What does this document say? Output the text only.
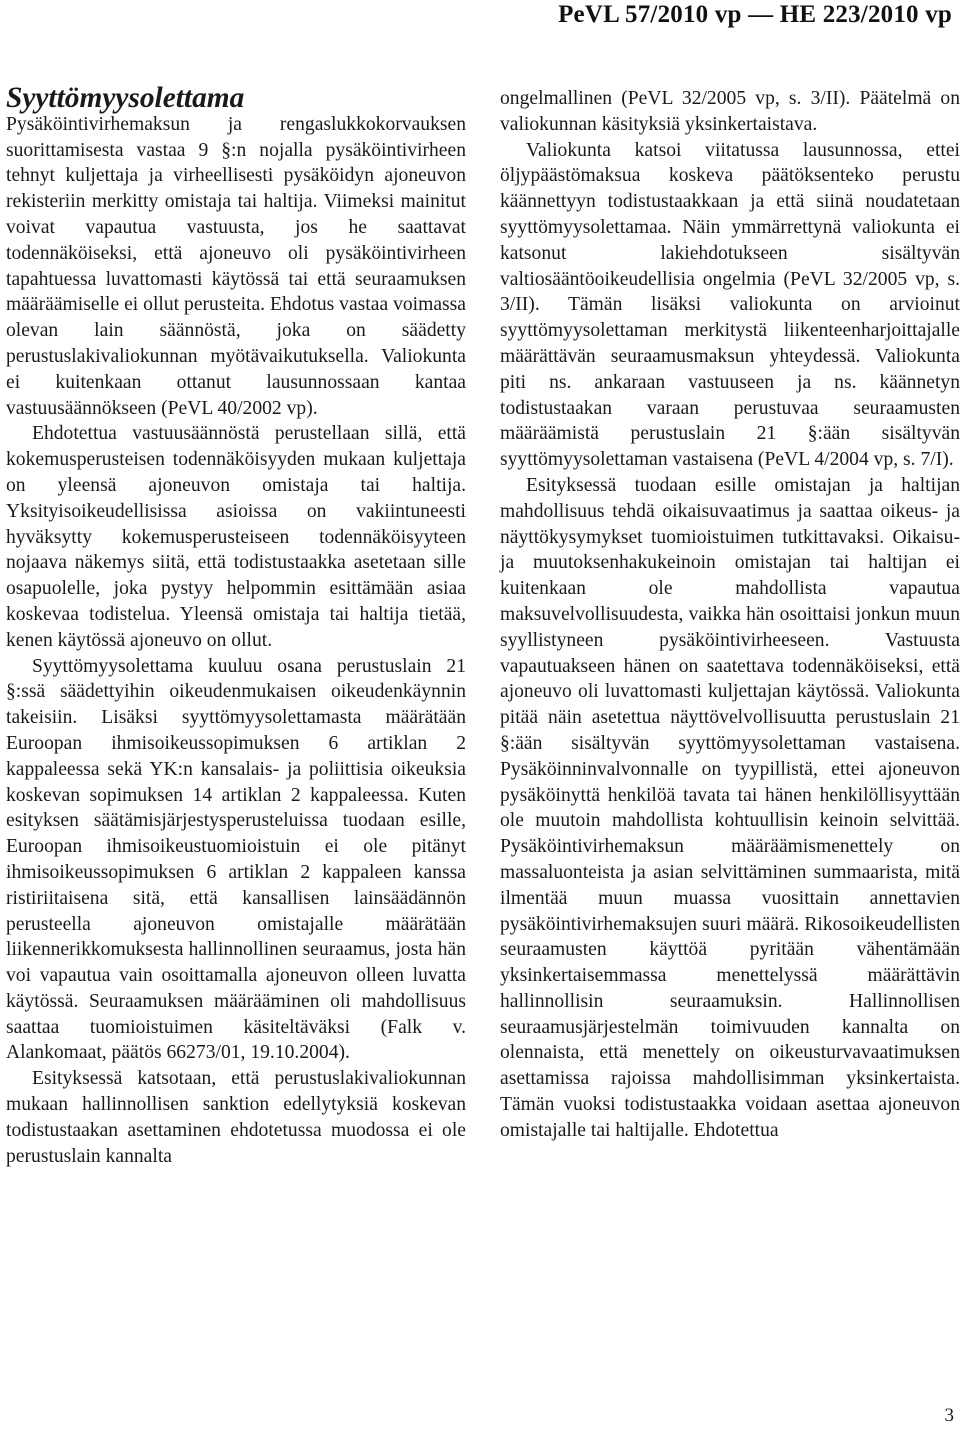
PeVL 57/2010 vp — HE 223/2010 vp
Syyttömyysolettama

Pysäköintivirhemaksun ja rengaslukkokorvauksen suorittamisesta vastaa 9 §:n nojalla pysäköintivirheen tehnyt kuljettaja ja virheellisesti pysäköidyn ajoneuvon rekisteriin merkitty omistaja tai haltija. Viimeksi mainitut voivat vapautua vastuusta, jos he saattavat todennäköiseksi, että ajoneuvo oli pysäköintivirheen tapahtuessa luvattomasti käytössä tai että seuraamuksen määräämiselle ei ollut perusteita. Ehdotus vastaa voimassa olevan lain säännöstä, joka on säädetty perustuslakivaliokunnan myötävaikutuksella. Valiokunta ei kuitenkaan ottanut lausunnossaan kantaa vastuusäännökseen (PeVL 40/2002 vp).

Ehdotettua vastuusäännöstä perustellaan sillä, että kokemusperusteisen todennäköisyyden mukaan kuljettaja on yleensä ajoneuvon omistaja tai haltija. Yksityisoikeudellisissa asioissa on vakiintuneesti hyväksytty kokemusperusteiseen todennäköisyyteen nojaava näkemys siitä, että todistustaakka asetetaan sille osapuolelle, joka pystyy helpommin esittämään asiaa koskevaa todistelua. Yleensä omistaja tai haltija tietää, kenen käytössä ajoneuvo on ollut.

Syyttömyysolettama kuuluu osana perustuslain 21 §:ssä säädettyihin oikeudenmukaisen oikeudenkäynnin takeisiin. Lisäksi syyttömyysolettamasta määrätään Euroopan ihmisoikeussopimuksen 6 artiklan 2 kappaleessa sekä YK:n kansalais- ja poliittisia oikeuksia koskevan sopimuksen 14 artiklan 2 kappaleessa. Kuten esityksen säätämisjärjestysperusteluissa tuodaan esille, Euroopan ihmisoikeustuomioistuin ei ole pitänyt ihmisoikeussopimuksen 6 artiklan 2 kappaleen kanssa ristiriitaisena sitä, että kansallisen lainsäädännön perusteella ajoneuvon omistajalle määrätään liikennerikkomuksesta hallinnollinen seuraamus, josta hän voi vapautua vain osoittamalla ajoneuvon olleen luvatta käytössä. Seuraamuksen määrääminen oli mahdollisuus saattaa tuomioistuimen käsiteltäväksi (Falk v. Alankomaat, päätös 66273/01, 19.10.2004).

Esityksessä katsotaan, että perustuslakivaliokunnan mukaan hallinnollisen sanktion edellytyksiä koskevan todistustaakan asettaminen ehdotetussa muodossa ei ole perustuslain kannalta

ongelmallinen (PeVL 32/2005 vp, s. 3/II). Päätelmä on valiokunnan käsityksiä yksinkertaistava.

Valiokunta katsoi viitatussa lausunnossa, ettei öljypäästömaksua koskeva päätöksenteko perustu käännettyyn todistustaakkaan ja että siinä noudatetaan syyttömyysolettamaa. Näin ymmärrettynä valiokunta ei katsonut lakiehdotukseen sisältyvän valtiosääntöoikeudellisia ongelmia (PeVL 32/2005 vp, s. 3/II). Tämän lisäksi valiokunta on arvioinut syyttömyysolettaman merkitystä liikenteenharjoittajalle määrättävän seuraamusmaksun yhteydessä. Valiokunta piti ns. ankaraan vastuuseen ja ns. käännetyn todistustaakan varaan perustuvaa seuraamusten määräämistä perustuslain 21 §:ään sisältyvän syyttömyysolettaman vastaisena (PeVL 4/2004 vp, s. 7/I).

Esityksessä tuodaan esille omistajan ja haltijan mahdollisuus tehdä oikaisuvaatimus ja saattaa oikeus- ja näyttökysymykset tuomioistuimen tutkittavaksi. Oikaisu- ja muutoksenhakukeinoin omistajan tai haltijan ei kuitenkaan ole mahdollista vapautua maksuvelvollisuudesta, vaikka hän osoittaisi jonkun muun syyllistyneen pysäköintivirheeseen. Vastuusta vapautuakseen hänen on saatettava todennäköiseksi, että ajoneuvo oli luvattomasti kuljettajan käytössä. Valiokunta pitää näin asetettua näyttövelvollisuutta perustuslain 21 §:ään sisältyvän syyttömyysolettaman vastaisena. Pysäköinninvalvonnalle on tyypillistä, ettei ajoneuvon pysäköinyttä henkilöä tavata tai hänen henkilöllisyyttään ole muutoin mahdollista kohtuullisin keinoin selvittää. Pysäköintivirhemaksun määräämismenettely on massaluonteista ja asian selvittäminen summaarista, mitä ilmentää muun muassa vuosittain annettavien pysäköintivirhemaksujen suuri määrä. Rikosoikeudellisten seuraamusten käyttöä pyritään vähentämään yksinkertaisemmassa menettelyssä määrättävin hallinnollisin seuraamuksin. Hallinnollisen seuraamusjärjestelmän toimivuuden kannalta on olennaista, että menettely on oikeusturvavaatimuksen asettamissa rajoissa mahdollisimman yksinkertaista. Tämän vuoksi todistustaakka voidaan asettaa ajoneuvon omistajalle tai haltijalle. Ehdotettua

3
